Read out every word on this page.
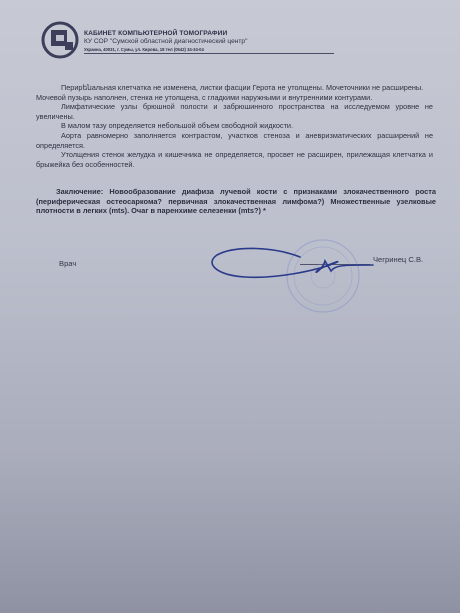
КАБИНЕТ КОМПЬЮТЕРНОЙ ТОМОГРАФИИ
КУ СОР "Сумской областной диагностический центр"
Украина, 40031, г. Сумы, ул. Кирова, 18 тел (0542) 34-34-04

Перирենальная клетчатка не изменена, листки фасции Герота не утолщены. Мочеточники не расширены. Мочевой пузырь наполнен, стенка не утолщена, с гладкими наружными и внутренними контурами.

Лимфатические узлы брюшной полости и забрюшинного пространства на исследуемом уровне не увеличены.

В малом тазу определяется небольшой объем свободной жидкости.

Аорта равномерно заполняется контрастом, участков стеноза и аневризматических расширений не определяется.

Утолщения стенок желудка и кишечника не определяется, просвет не расширен, прилежащая клетчатка и брыжейка без особенностей.

Заключение: Новообразование диафиза лучевой кости с признаками злокачественного роста (периферическая остеосаркома? первичная злокачественная лимфома?) Множественные узелковые плотности в легких (mts). Очаг в паренхиме селезенки (mts?) *
Врач	Чегринец С.В.
